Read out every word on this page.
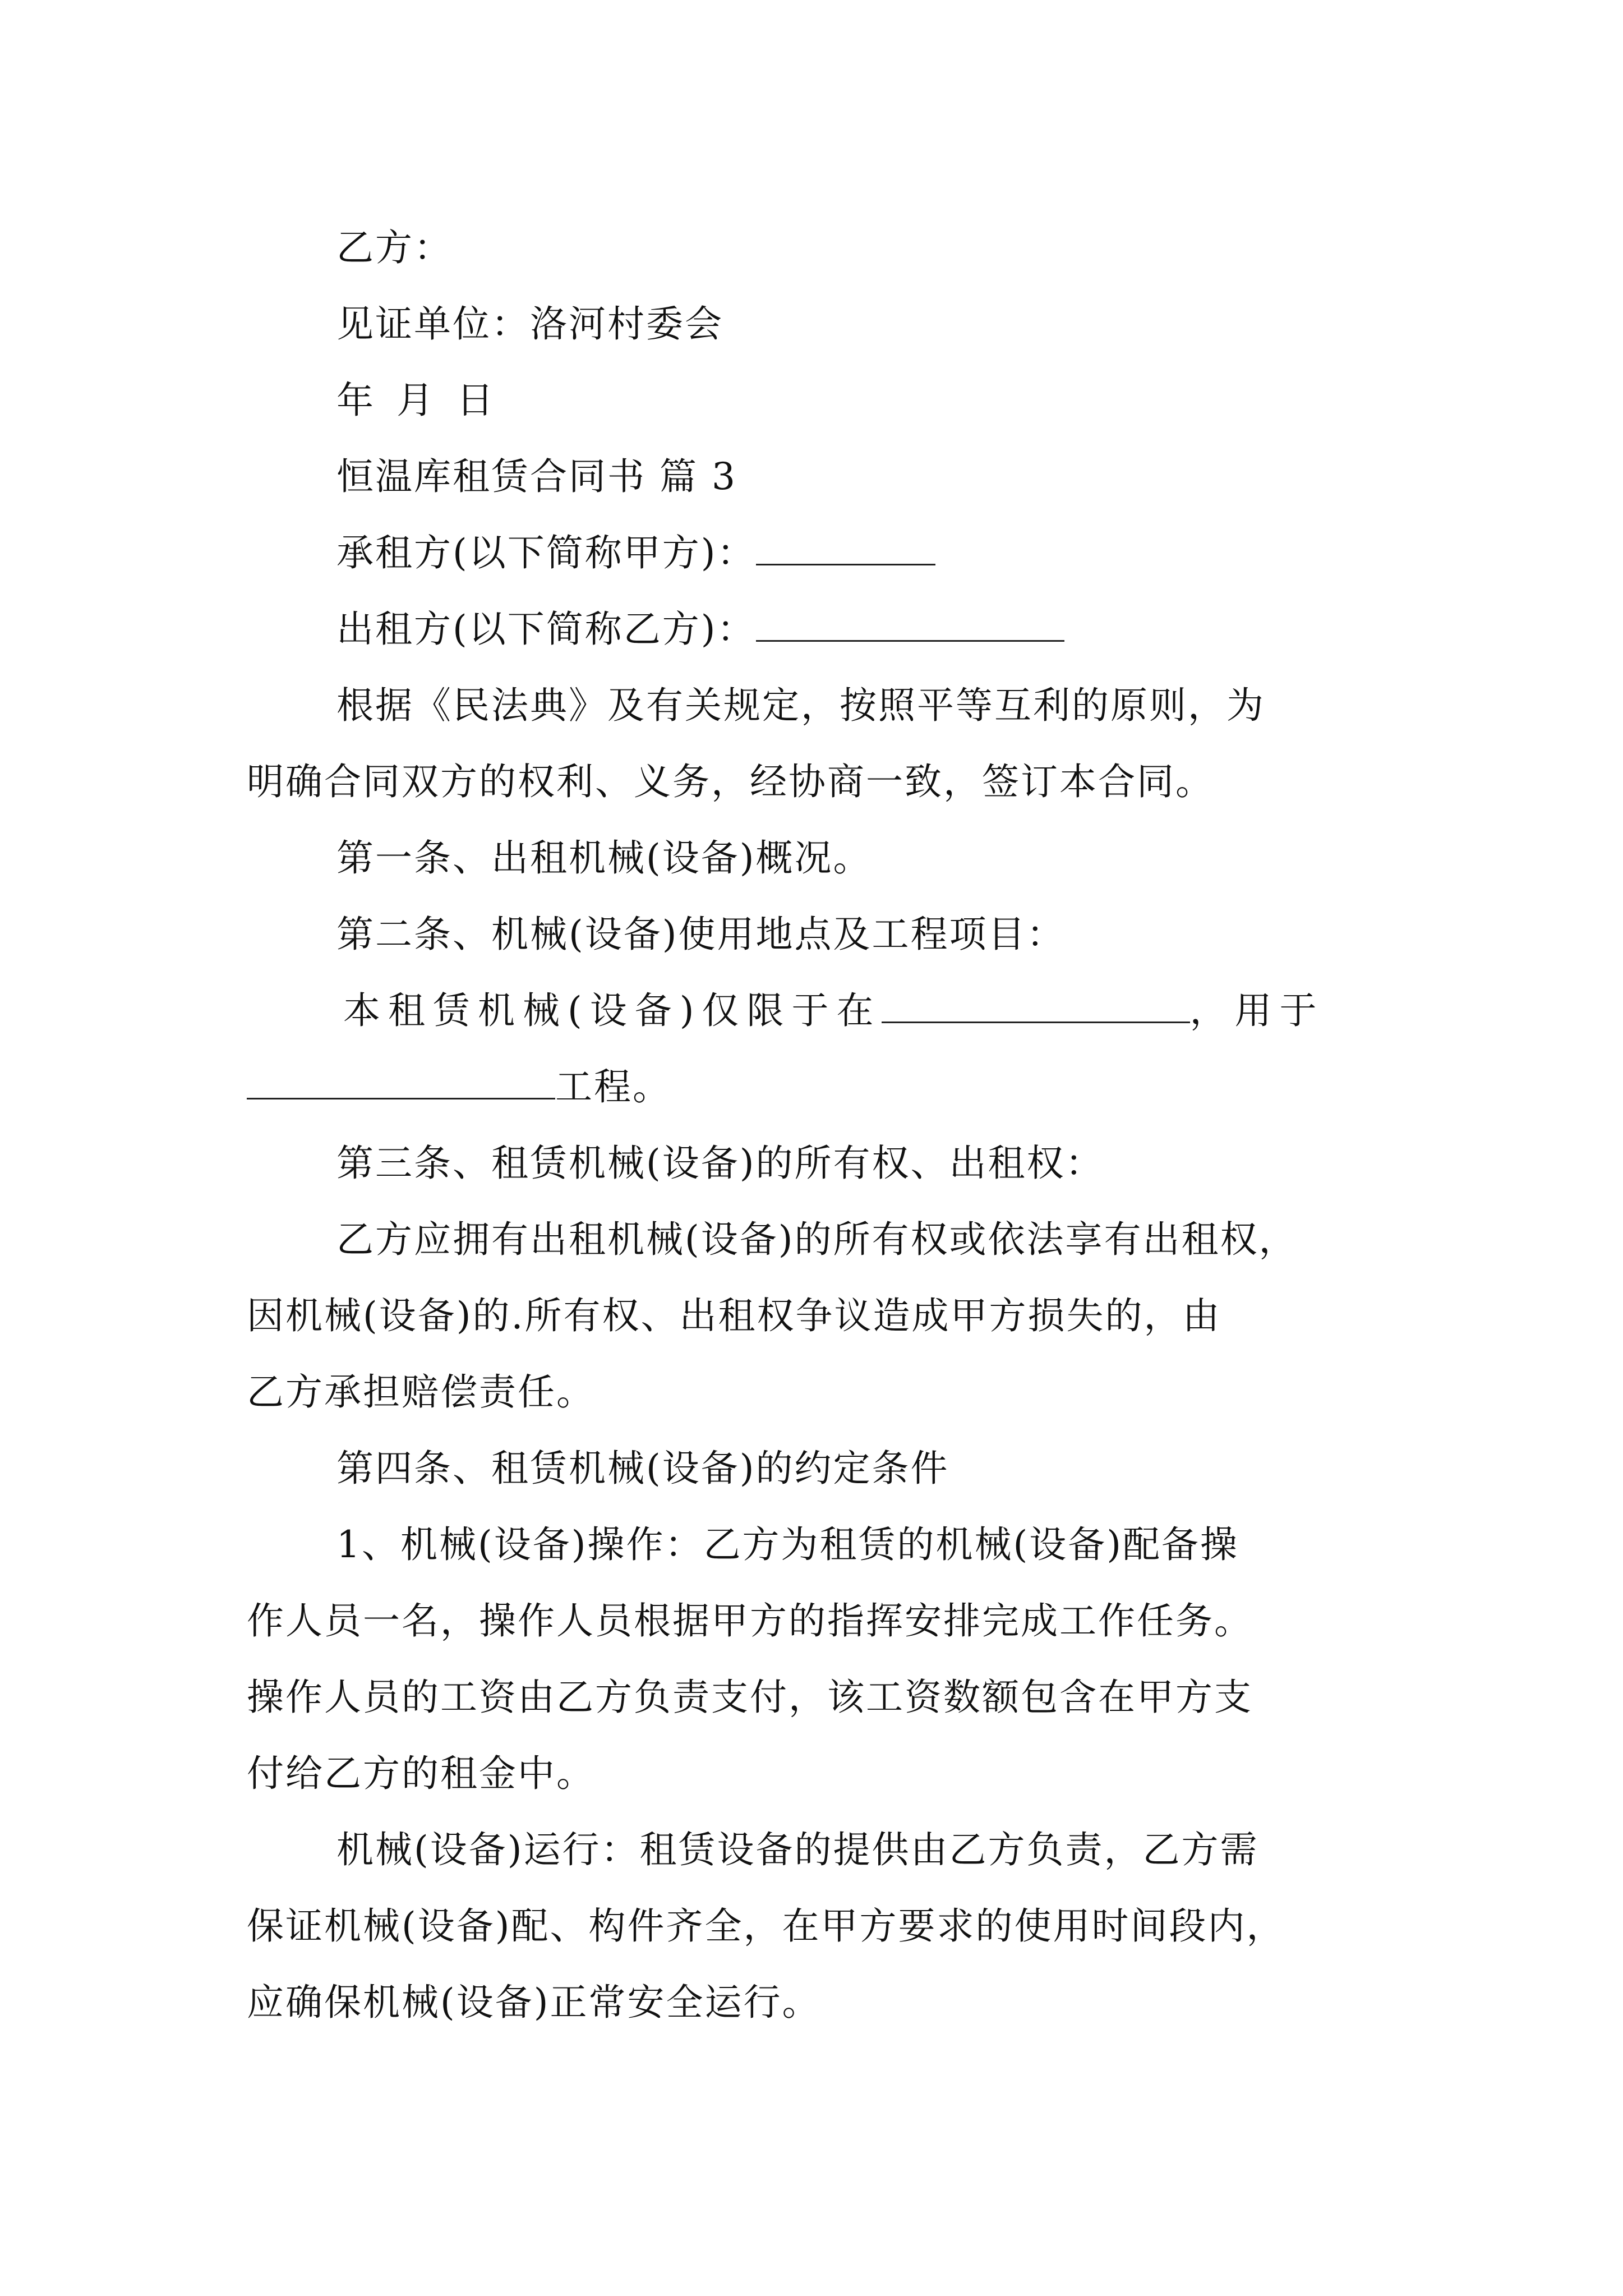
乙方：
见证单位：洛河村委会
年 月 日
恒温库租赁合同书 篇 3
承租方(以下简称甲方)：
出租方(以下简称乙方)：
根据《民法典》及有关规定，按照平等互利的原则，为
明确合同双方的权利、义务，经协商一致，签订本合同。
第一条、出租机械(设备)概况。
第二条、机械(设备)使用地点及工程项目：
本租赁机械(设备)仅限于在	，用于
工程。
第三条、租赁机械(设备)的所有权、出租权：
乙方应拥有出租机械(设备)的所有权或依法享有出租权，
因机械(设备)的.所有权、出租权争议造成甲方损失的，由
乙方承担赔偿责任。
第四条、租赁机械(设备)的约定条件
1、机械(设备)操作：乙方为租赁的机械(设备)配备操
作人员一名，操作人员根据甲方的指挥安排完成工作任务。
操作人员的工资由乙方负责支付，该工资数额包含在甲方支
付给乙方的租金中。
机械(设备)运行：租赁设备的提供由乙方负责，乙方需
保证机械(设备)配、构件齐全，在甲方要求的使用时间段内，
应确保机械(设备)正常安全运行。
